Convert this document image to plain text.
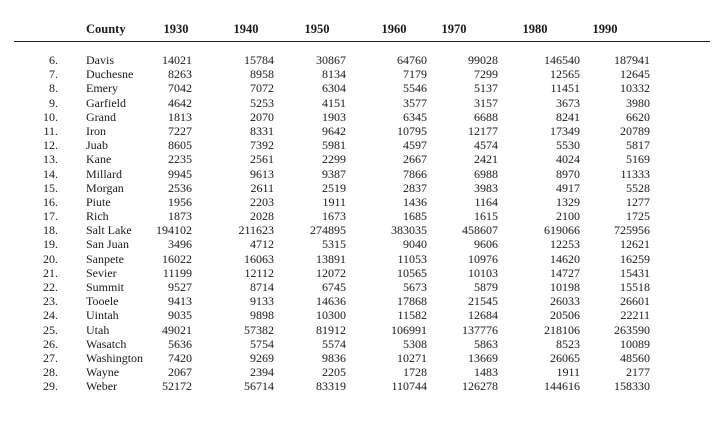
County	1930	1940	1950	1960	1970	1980	1990
6. Davis	14021	15784	30867	64760	99028	146540	187941
7. Duchesne	8263	8958	8134	7179	7299	12565	12645
8. Emery	7042	7072	6304	5546	5137	11451	10332
9. Garfield	4642	5253	4151	3577	3157	3673	3980
10. Grand	1813	2070	1903	6345	6688	8241	6620
11. Iron	7227	8331	9642	10795	12177	17349	20789
12. Juab	8605	7392	5981	4597	4574	5530	5817
13. Kane	2235	2561	2299	2667	2421	4024	5169
14. Millard	9945	9613	9387	7866	6988	8970	11333
15. Morgan	2536	2611	2519	2837	3983	4917	5528
16. Piute	1956	2203	1911	1436	1164	1329	1277
17. Rich	1873	2028	1673	1685	1615	2100	1725
18. Salt Lake	194102	211623	274895	383035	458607	619066	725956
19. San Juan	3496	4712	5315	9040	9606	12253	12621
20. Sanpete	16022	16063	13891	11053	10976	14620	16259
21. Sevier	11199	12112	12072	10565	10103	14727	15431
22. Summit	9527	8714	6745	5673	5879	10198	15518
23. Tooele	9413	9133	14636	17868	21545	26033	26601
24. Uintah	9035	9898	10300	11582	12684	20506	22211
25. Utah	49021	57382	81912	106991	137776	218106	263590
26. Wasatch	5636	5754	5574	5308	5863	8523	10089
27. Washington	7420	9269	9836	10271	13669	26065	48560
28. Wayne	2067	2394	2205	1728	1483	1911	2177
29. Weber	52172	56714	83319	110744	126278	144616	158330
